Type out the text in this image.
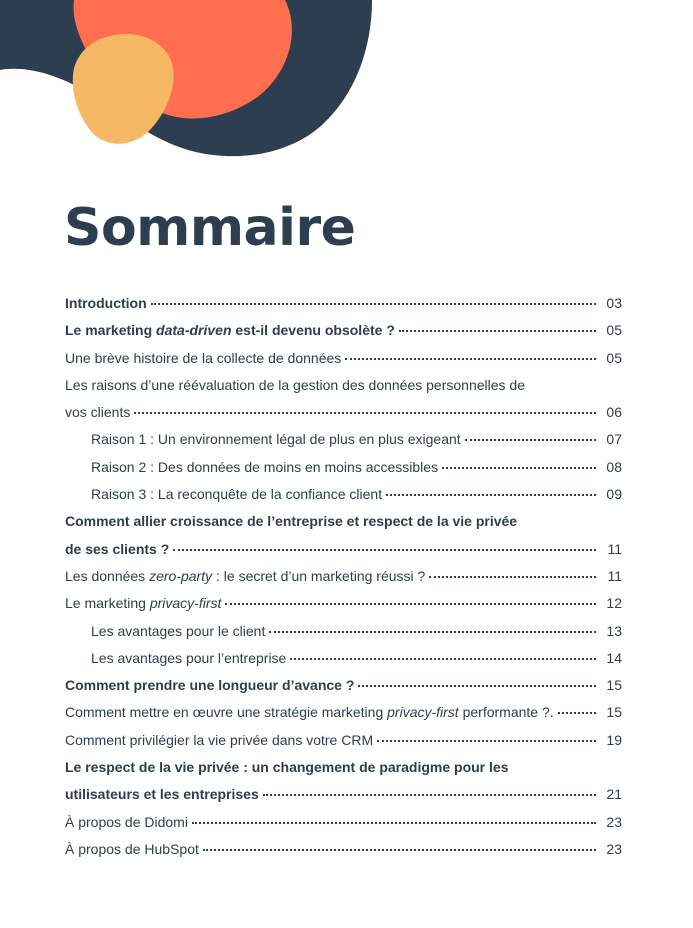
Sommaire
Introduction	03
Le marketing data-driven est-il devenu obsolète ?	05
Une brève histoire de la collecte de données	05
Les raisons d’une réévaluation de la gestion des données personnelles de
vos clients	06
Raison 1 : Un environnement légal de plus en plus exigeant	07
Raison 2 : Des données de moins en moins accessibles	08
Raison 3 : La reconquête de la confiance client	09
Comment allier croissance de l’entreprise et respect de la vie privée
de ses clients ?	11
Les données zero-party : le secret d’un marketing réussi ?	11
Le marketing privacy-first	12
Les avantages pour le client	13
Les avantages pour l’entreprise	14
Comment prendre une longueur d’avance ?	15
Comment mettre en œuvre une stratégie marketing privacy-first performante ?.	15
Comment privilégier la vie privée dans votre CRM	19
Le respect de la vie privée : un changement de paradigme pour les
utilisateurs et les entreprises	21
À propos de Didomi	23
À propos de HubSpot	23
